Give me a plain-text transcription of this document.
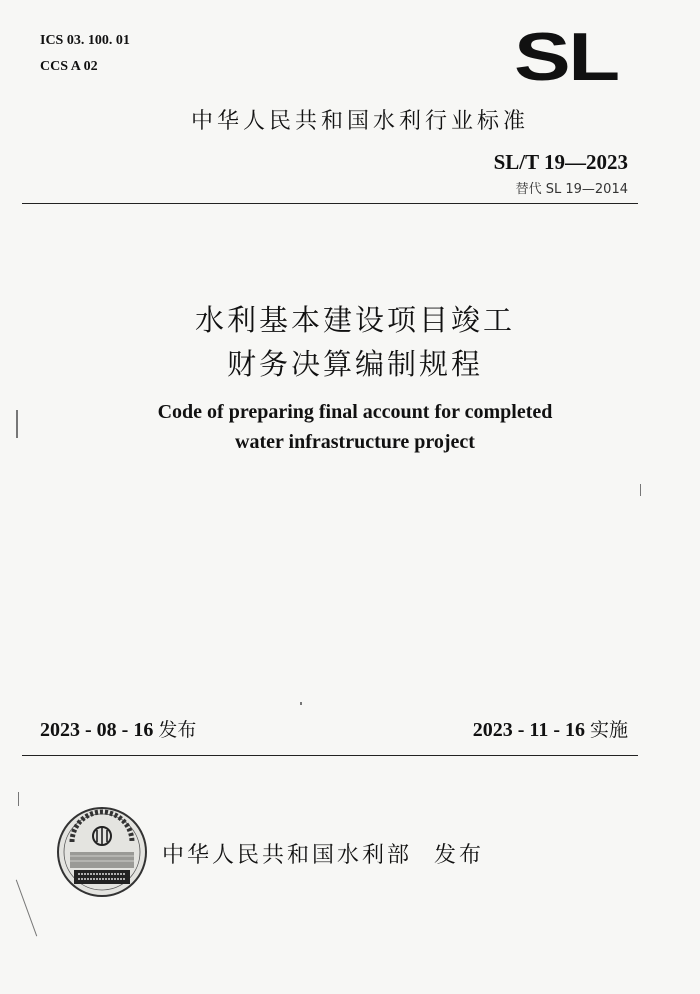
ICS 03. 100. 01
CCS A 02	SL
中华人民共和国水利行业标准
SL/T 19—2023
替代 SL 19—2014
水利基本建设项目竣工
财务决算编制规程
Code of preparing final account for completed
water infrastructure project
2023 - 08 - 16 发布	2023 - 11 - 16 实施
中华人民共和国水利部 发布
